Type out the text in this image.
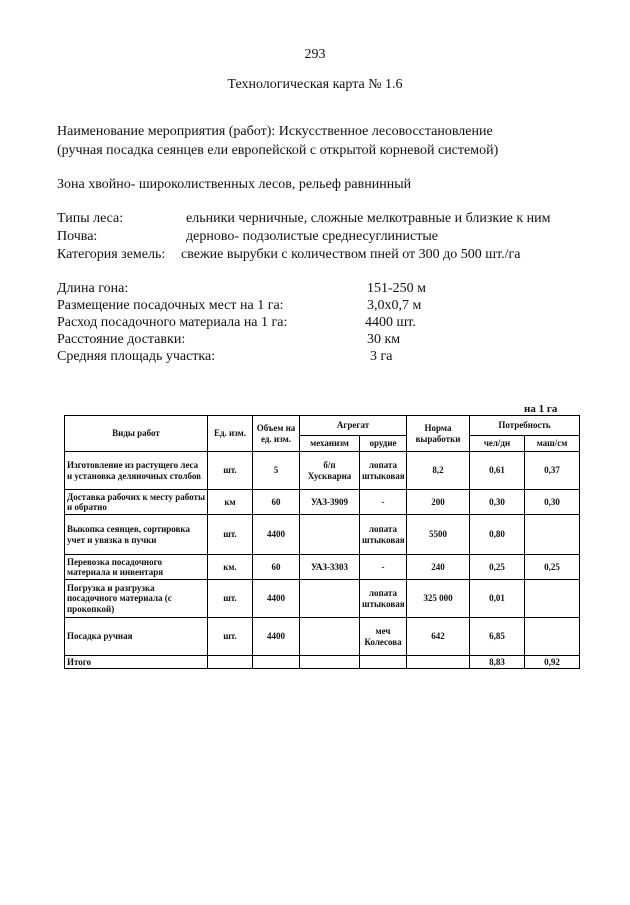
293
Технологическая карта № 1.6
Наименование мероприятия (работ): Искусственное лесовосстановление
(ручная посадка сеянцев ели европейской с открытой корневой системой)
Зона хвойно- широколиственных лесов, рельеф равнинный
Типы леса:	ельники черничные, сложные мелкотравные и близкие к ним
Почва:	дерново- подзолистые среднесуглинистые
Категория земель: свежие вырубки с количеством пней от 300 до 500 шт./га
Длина гона:	151-250 м
Размещение посадочных мест на 1 га:	3,0х0,7 м
Расход посадочного материала на 1 га:	4400 шт.
Расстояние доставки:	30 км
Средняя площадь участка:	3 га
на 1 га
Виды работ	Ед. изм.	Объем на ед. изм.	Агрегат		Норма выработки	Потребность	
			механизм	орудие		чел/дн	маш/см
Изготовление из растущего леса и установка деляночных столбов	шт.	5	б/п Хускварна	лопата штыковая	8,2	0,61	0,37
Доставка рабочих к месту работы и обратно	км	60	УАЗ-3909	-	200	0,30	0,30
Выкопка сеянцев, сортировка учет и увязка в пучки	шт.	4400		лопата штыковая	5500	0,80	
Перевозка посадочного материала и инвентаря	км.	60	УАЗ-3303	-	240	0,25	0,25
Погрузка и разгрузка посадочного материала (с прокопкой)	шт.	4400		лопата штыковая	325 000	0,01	
Посадка ручная	шт.	4400		меч Колесова	642	6,85	
Итого						8,83	0,92
